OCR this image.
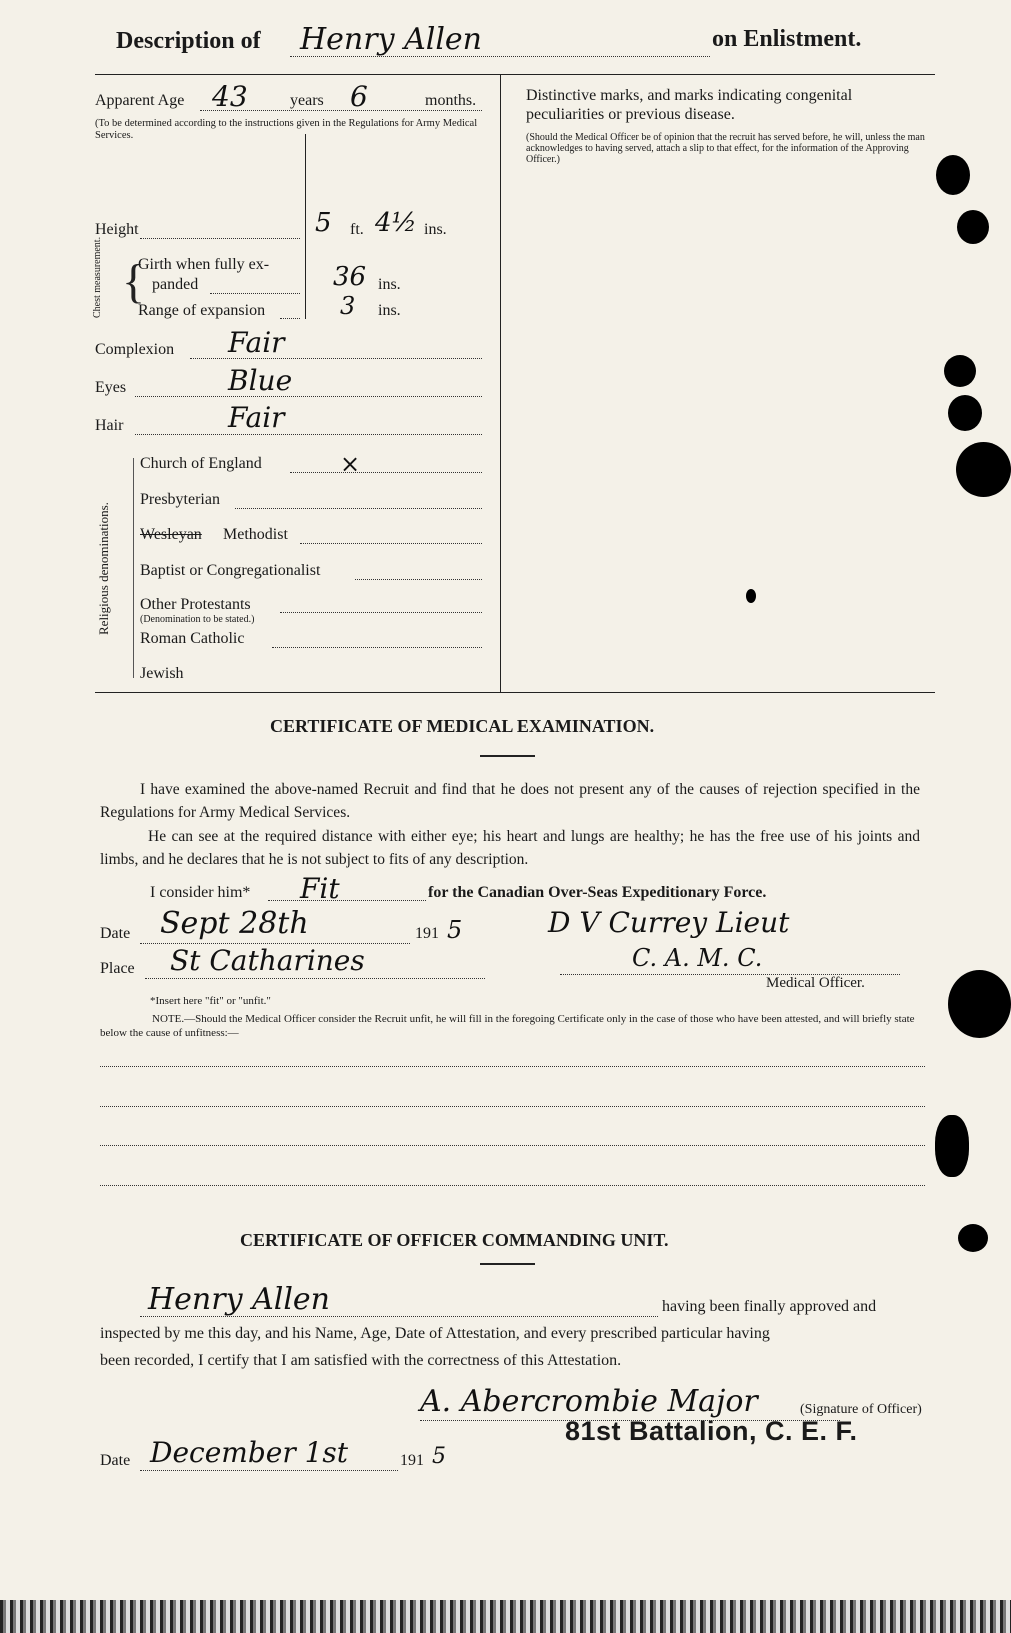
Description of Henry Allen	on Enlistment.
Apparent Age 43	years 6	months.
(To be determined according to the instructions given in the Regulations for Army Medical Services.
Height	5 ft. 4½ ins.
Chest measurement. {
Girth when fully ex-
panded	36 ins.
Range of expansion	3 ins.
Complexion Fair
Eyes	Blue
Hair	Fair
Religious denominations.
Church of England	×
Presbyterian
Wesleyan Methodist
Baptist or Congregationalist
Other Protestants
(Denomination to be stated.)
Roman Catholic
Jewish
Distinctive marks, and marks indicating congenital peculiarities or previous disease.
(Should the Medical Officer be of opinion that the recruit has served before, he will, unless the man acknowledges to having served, attach a slip to that effect, for the information of the Approving Officer.)
CERTIFICATE OF MEDICAL EXAMINATION.
I have examined the above-named Recruit and find that he does not present any of the causes of rejection specified in the Regulations for Army Medical Services.
He can see at the required distance with either eye; his heart and lungs are healthy; he has the free use of his joints and limbs, and he declares that he is not subject to fits of any description.
I consider him* Fit	for the Canadian Over-Seas Expeditionary Force.
Date Sept 28th	191 5	D V Currey Lieut
Place St Catharines	C. A. M. C.
Medical Officer.
*Insert here "fit" or "unfit."
NOTE.—Should the Medical Officer consider the Recruit unfit, he will fill in the foregoing Certificate only in the case of those who have been attested, and will briefly state below the cause of unfitness:—
CERTIFICATE OF OFFICER COMMANDING UNIT.
Henry Allen	having been finally approved and
inspected by me this day, and his Name, Age, Date of Attestation, and every prescribed particular having
been recorded, I certify that I am satisfied with the correctness of this Attestation.
A. Abercrombie Major	(Signature of Officer)
81st Battalion, C. E. F.
Date December 1st	191 5
